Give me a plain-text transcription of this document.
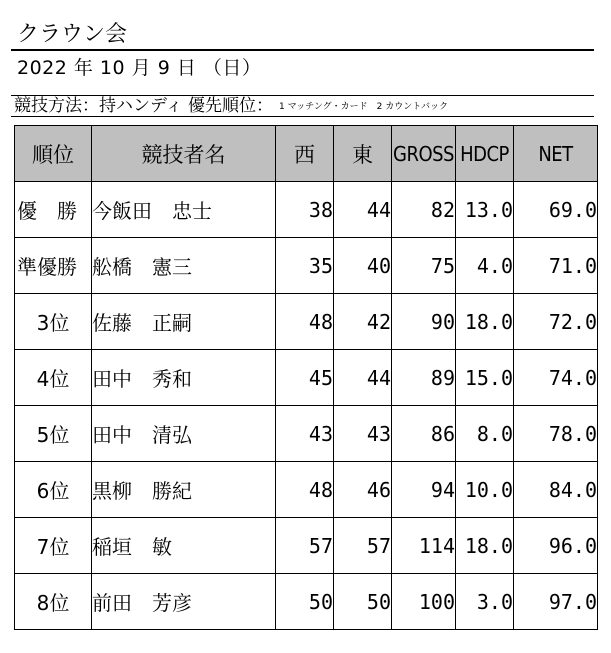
クラウン会
2022 年 10 月 9 日 （日）
競技方法：持ハンディ 優先順位： 1 マッチング・カード　2 カウントバック
順位	競技者名	西	東	GROSS	HDCP	NET
優　勝	今飯田　忠士	38	44	82	13.0	69.0
準優勝	舩橋　憲三	35	40	75	4.0	71.0
3位	佐藤　正嗣	48	42	90	18.0	72.0
4位	田中　秀和	45	44	89	15.0	74.0
5位	田中　清弘	43	43	86	8.0	78.0
6位	黒柳　勝紀	48	46	94	10.0	84.0
7位	稲垣　敏	57	57	114	18.0	96.0
8位	前田　芳彦	50	50	100	3.0	97.0
